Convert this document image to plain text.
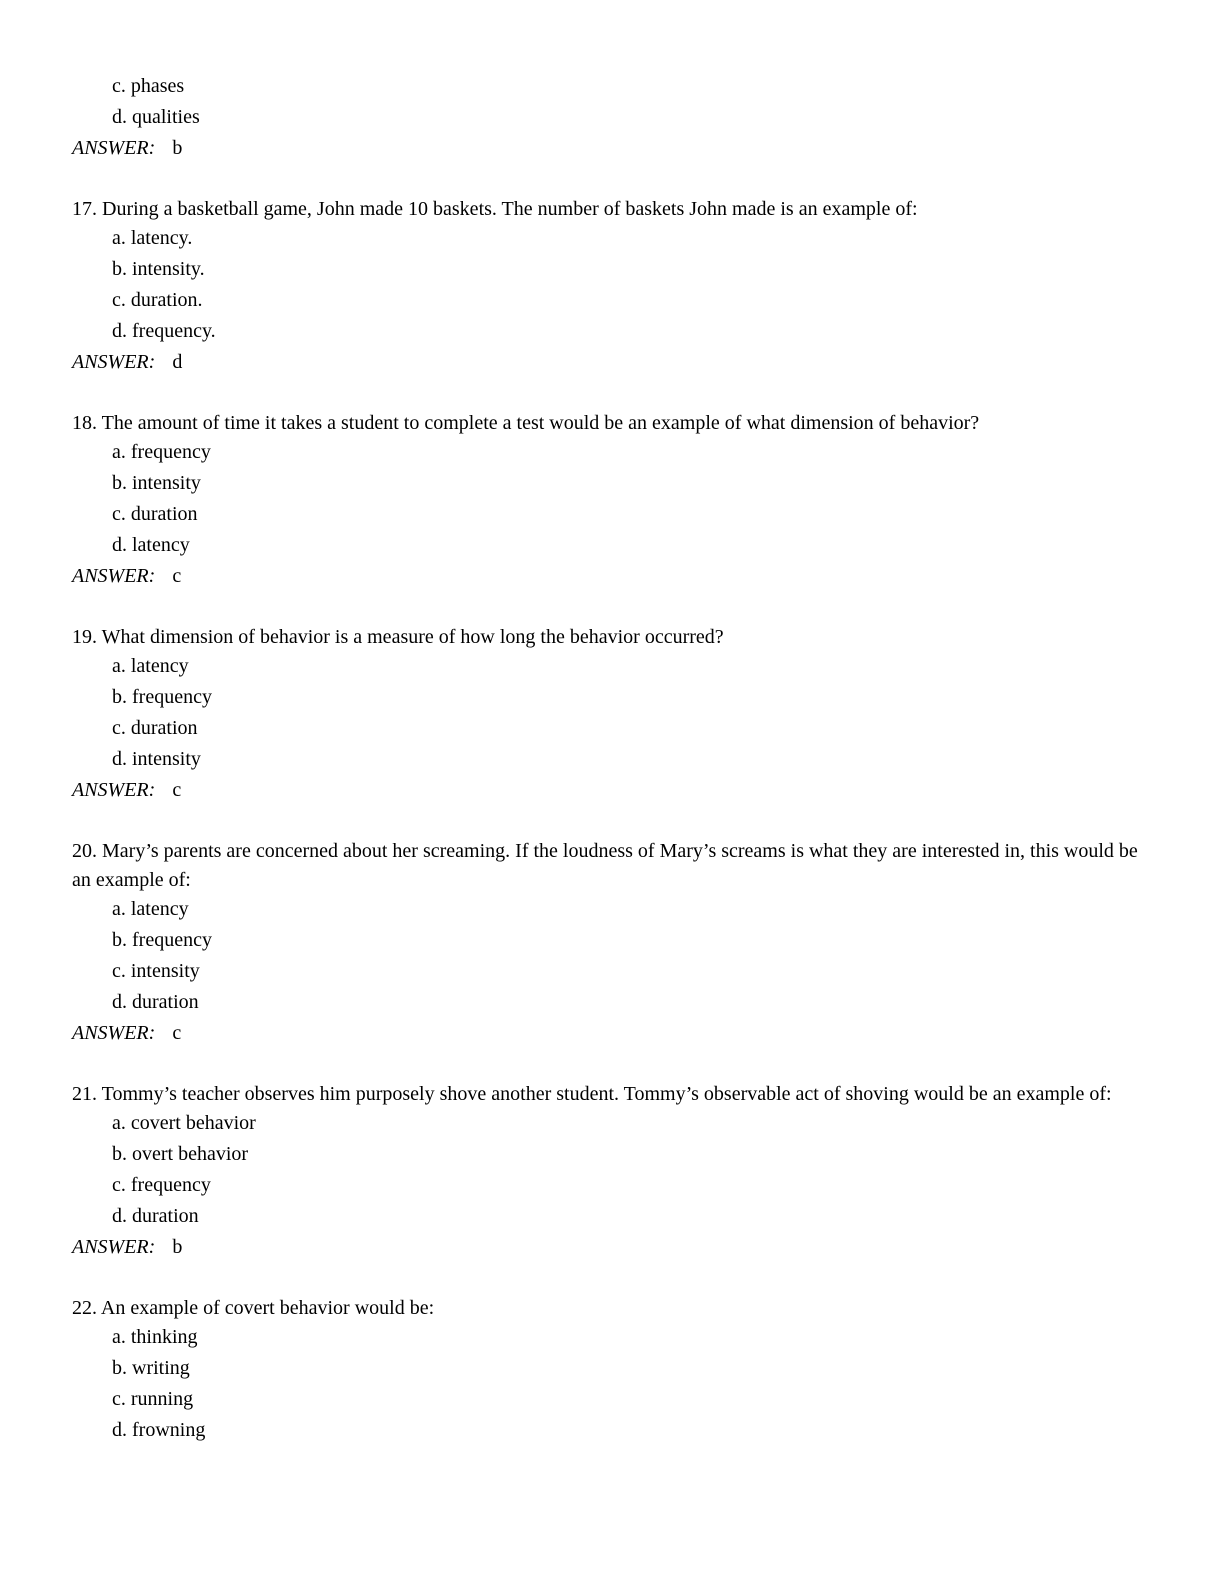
c. phases
d. qualities
ANSWER: b

17. During a basketball game, John made 10 baskets. The number of baskets John made is an example of:

a. latency.
b. intensity.
c. duration.
d. frequency.
ANSWER: d

18. The amount of time it takes a student to complete a test would be an example of what dimension of behavior?

a. frequency
b. intensity
c. duration
d. latency
ANSWER: c

19. What dimension of behavior is a measure of how long the behavior occurred?

a. latency
b. frequency
c. duration
d. intensity
ANSWER: c

20. Mary’s parents are concerned about her screaming. If the loudness of Mary’s screams is what they are interested in, this would be an example of:

a. latency
b. frequency
c. intensity
d. duration
ANSWER: c

21. Tommy’s teacher observes him purposely shove another student. Tommy’s observable act of shoving would be an example of:

a. covert behavior
b. overt behavior
c. frequency
d. duration
ANSWER: b

22. An example of covert behavior would be:

a. thinking
b. writing
c. running
d. frowning
